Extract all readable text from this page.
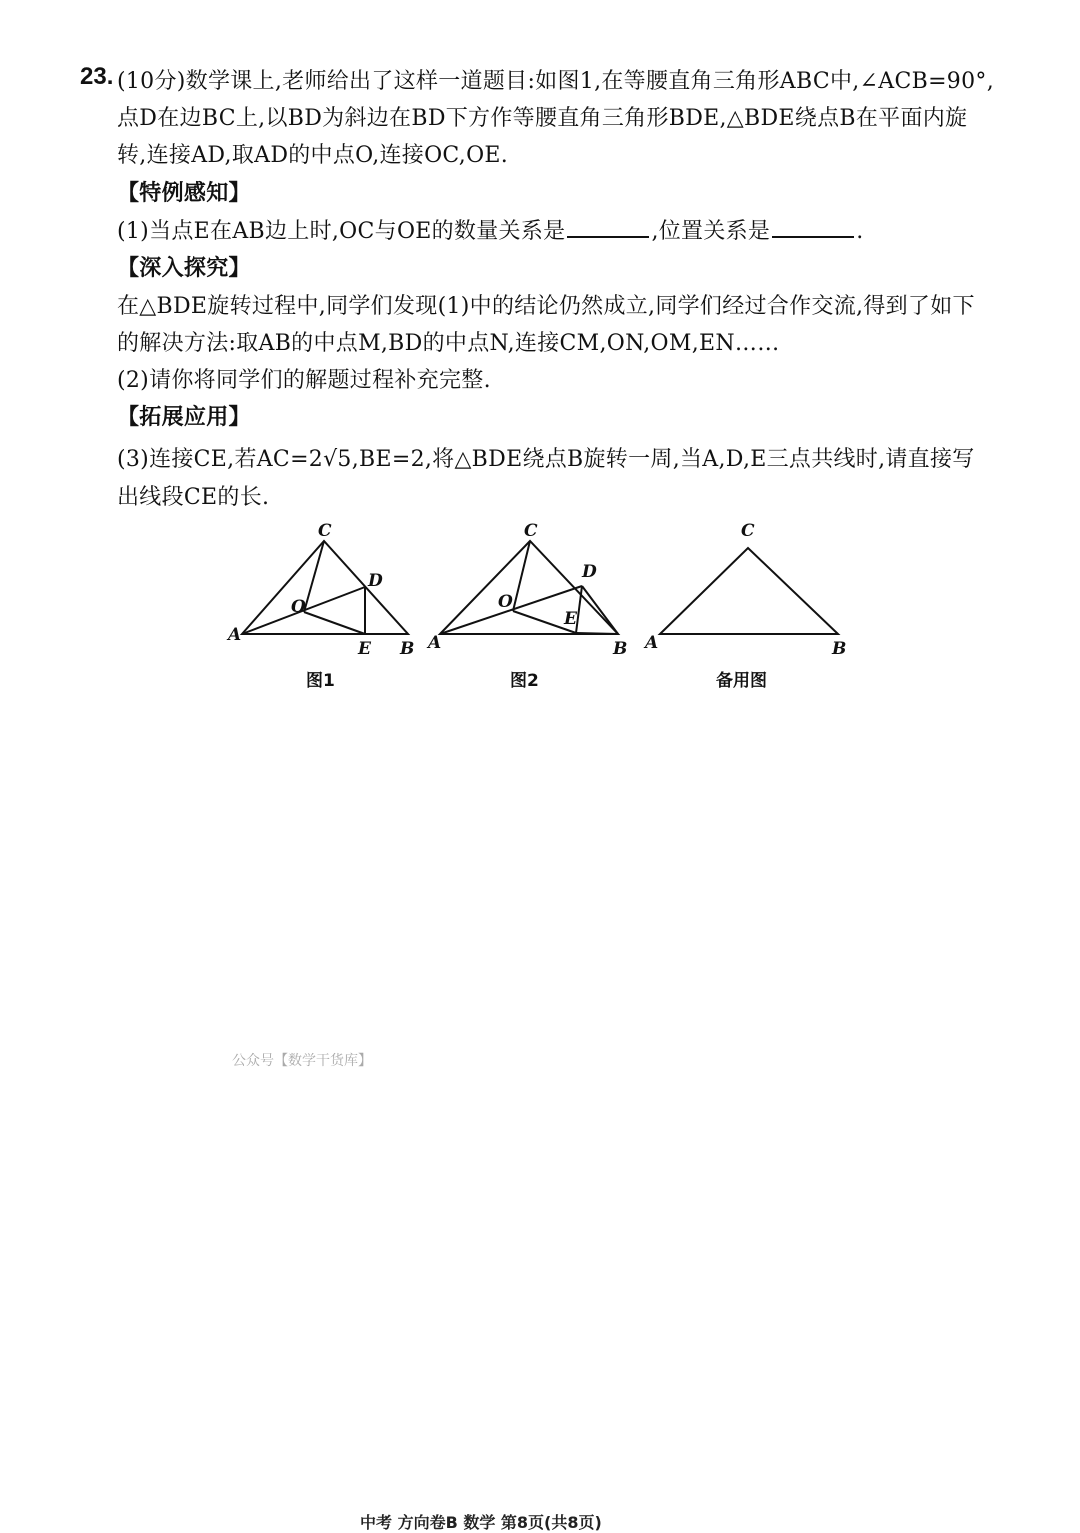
23. (10分)数学课上,老师给出了这样一道题目:如图1,在等腰直角三角形ABC中,∠ACB=90°,
点D在边BC上,以BD为斜边在BD下方作等腰直角三角形BDE,△BDE绕点B在平面内旋
转,连接AD,取AD的中点O,连接OC,OE.
【特例感知】
(1)当点E在AB边上时,OC与OE的数量关系是	,位置关系是	.
【深入探究】
在△BDE旋转过程中,同学们发现(1)中的结论仍然成立,同学们经过合作交流,得到了如下
的解决方法:取AB的中点M,BD的中点N,连接CM,ON,OM,EN……
(2)请你将同学们的解题过程补充完整.
【拓展应用】
(3)连接CE,若AC=2√5,BE=2,将△BDE绕点B旋转一周,当A,D,E三点共线时,请直接写
出线段CE的长.
C
D
O
A
E B
图1
C
D
O
E
A	B
图2
C
A	B
备用图
公众号【数学干货库】
中考 方向卷B 数学 第8页(共8页)
